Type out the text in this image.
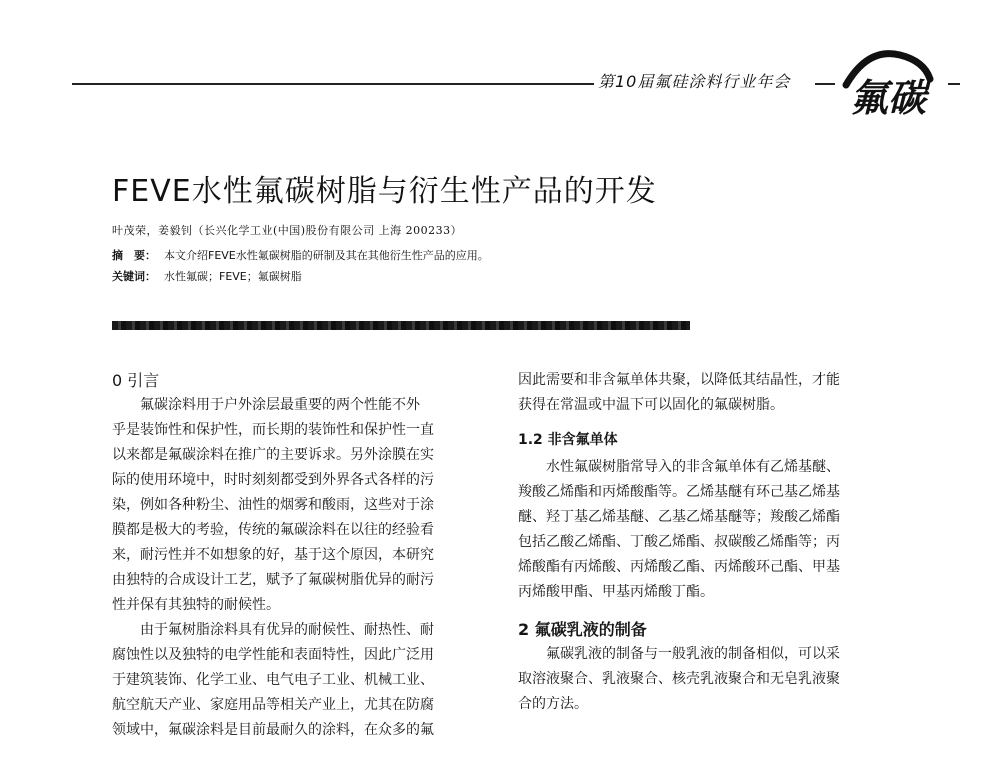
第10届氟硅涂料行业年会 氟碳
FEVE水性氟碳树脂与衍生性产品的开发
叶茂荣，姜毅钊（长兴化学工业(中国)股份有限公司 上海 200233）
摘　要： 本文介绍FEVE水性氟碳树脂的研制及其在其他衍生性产品的应用。
关键词： 水性氟碳；FEVE；氟碳树脂
0 引言

氟碳涂料用于户外涂层最重要的两个性能不外
乎是装饰性和保护性，而长期的装饰性和保护性一直
以来都是氟碳涂料在推广的主要诉求。另外涂膜在实
际的使用环境中，时时刻刻都受到外界各式各样的污
染，例如各种粉尘、油性的烟雾和酸雨，这些对于涂
膜都是极大的考验，传统的氟碳涂料在以往的经验看
来，耐污性并不如想象的好，基于这个原因，本研究
由独特的合成设计工艺，赋予了氟碳树脂优异的耐污
性并保有其独特的耐候性。

由于氟树脂涂料具有优异的耐候性、耐热性、耐
腐蚀性以及独特的电学性能和表面特性，因此广泛用
于建筑装饰、化学工业、电气电子工业、机械工业、
航空航天产业、家庭用品等相关产业上，尤其在防腐
领域中，氟碳涂料是目前最耐久的涂料，在众多的氟

因此需要和非含氟单体共聚，以降低其结晶性，才能
获得在常温或中温下可以固化的氟碳树脂。

1.2 非含氟单体

水性氟碳树脂常导入的非含氟单体有乙烯基醚、
羧酸乙烯酯和丙烯酸酯等。乙烯基醚有环己基乙烯基
醚、羟丁基乙烯基醚、乙基乙烯基醚等；羧酸乙烯酯
包括乙酸乙烯酯、丁酸乙烯酯、叔碳酸乙烯酯等；丙
烯酸酯有丙烯酸、丙烯酸乙酯、丙烯酸环己酯、甲基
丙烯酸甲酯、甲基丙烯酸丁酯。

2 氟碳乳液的制备

氟碳乳液的制备与一般乳液的制备相似，可以采
取溶液聚合、乳液聚合、核壳乳液聚合和无皂乳液聚
合的方法。
